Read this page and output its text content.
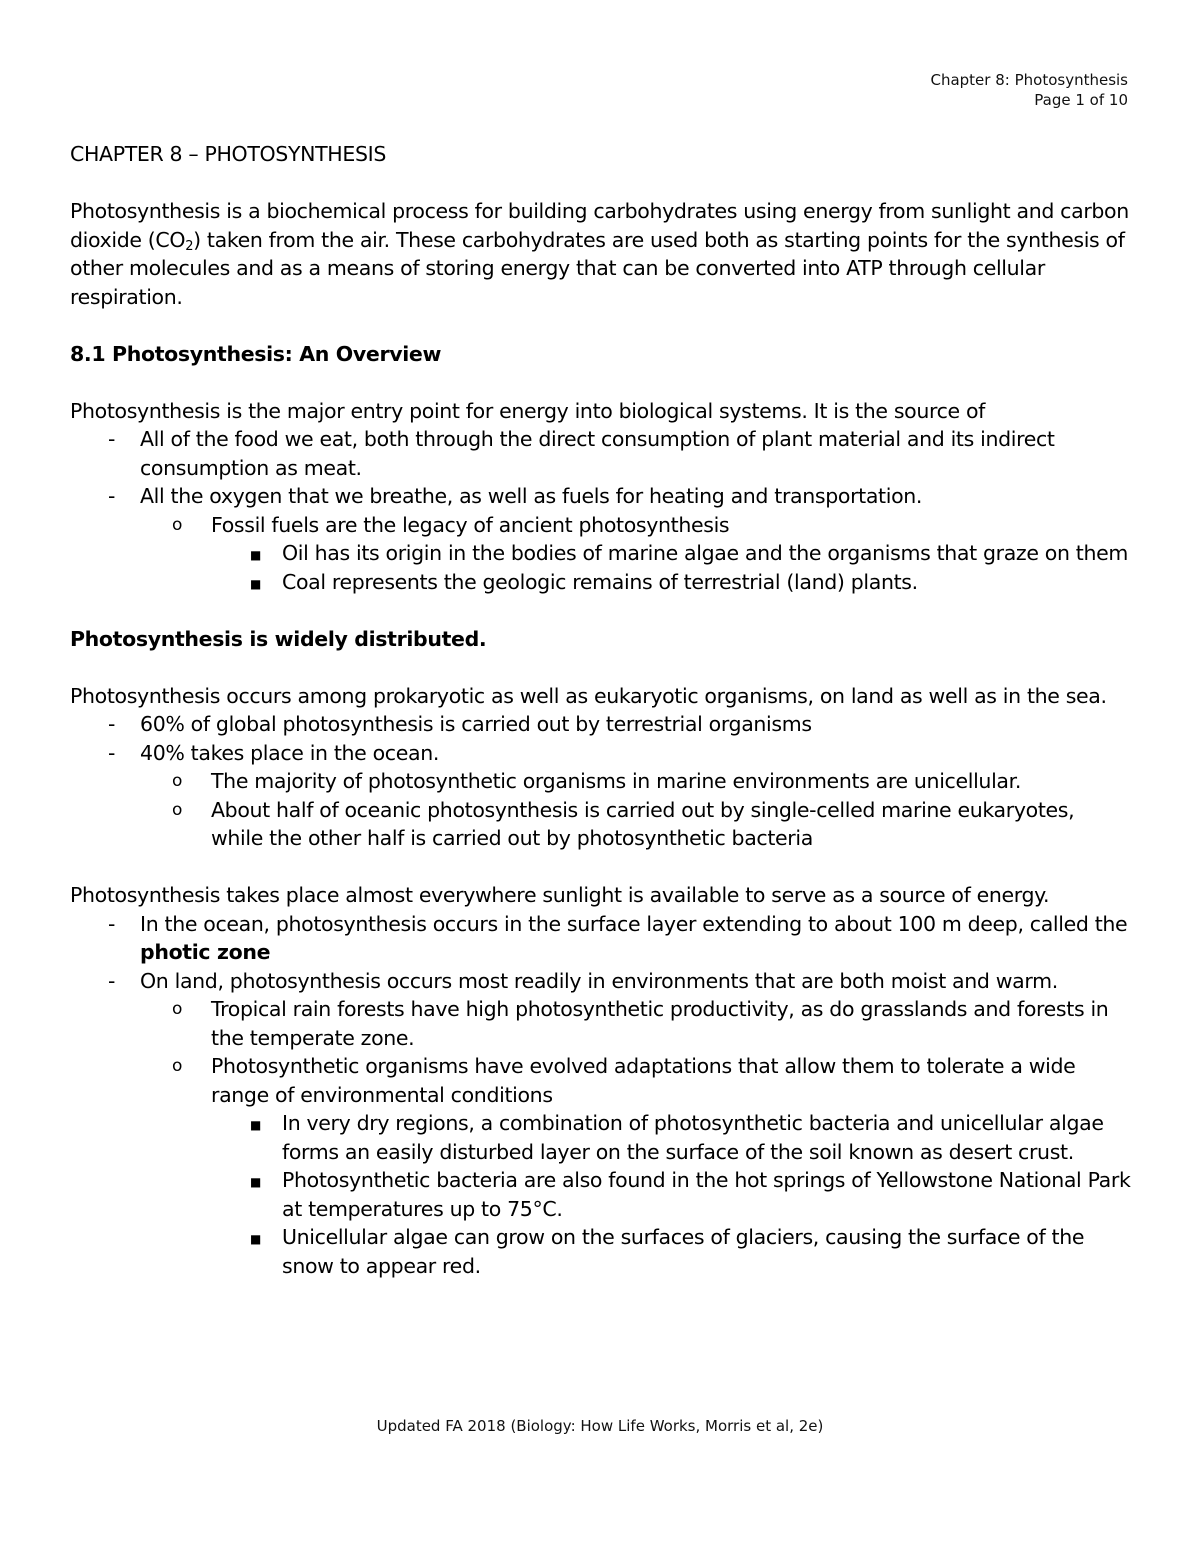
Chapter 8: Photosynthesis
Page 1 of 10
CHAPTER 8 – PHOTOSYNTHESIS

Photosynthesis is a biochemical process for building carbohydrates using energy from sunlight and carbon dioxide $(CO_2)$ taken from the air. These carbohydrates are used both as starting points for the synthesis of other molecules and as a means of storing energy that can be converted into ATP through cellular respiration.

8.1 Photosynthesis: An Overview

Photosynthesis is the major entry point for energy into biological systems. It is the source of

- All of the food we eat, both through the direct consumption of plant material and its indirect consumption as meat.
- All the oxygen that we breathe, as well as fuels for heating and transportation.
o Fossil fuels are the legacy of ancient photosynthesis
■ Oil has its origin in the bodies of marine algae and the organisms that graze on them
■ Coal represents the geologic remains of terrestrial (land) plants.
Photosynthesis is widely distributed.

Photosynthesis occurs among prokaryotic as well as eukaryotic organisms, on land as well as in the sea.

- 60% of global photosynthesis is carried out by terrestrial organisms
- 40% takes place in the ocean.
o The majority of photosynthetic organisms in marine environments are unicellular.
o About half of oceanic photosynthesis is carried out by single-celled marine eukaryotes, while the other half is carried out by photosynthetic bacteria

Photosynthesis takes place almost everywhere sunlight is available to serve as a source of energy.

- In the ocean, photosynthesis occurs in the surface layer extending to about 100 m deep, called the photic zone
- On land, photosynthesis occurs most readily in environments that are both moist and warm.
o Tropical rain forests have high photosynthetic productivity, as do grasslands and forests in the temperate zone.
o Photosynthetic organisms have evolved adaptations that allow them to tolerate a wide range of environmental conditions
■ In very dry regions, a combination of photosynthetic bacteria and unicellular algae forms an easily disturbed layer on the surface of the soil known as desert crust.
■ Photosynthetic bacteria are also found in the hot springs of Yellowstone National Park at temperatures up to 75°C.
■ Unicellular algae can grow on the surfaces of glaciers, causing the surface of the snow to appear red.
Updated FA 2018 (Biology: How Life Works, Morris et al, 2e)
